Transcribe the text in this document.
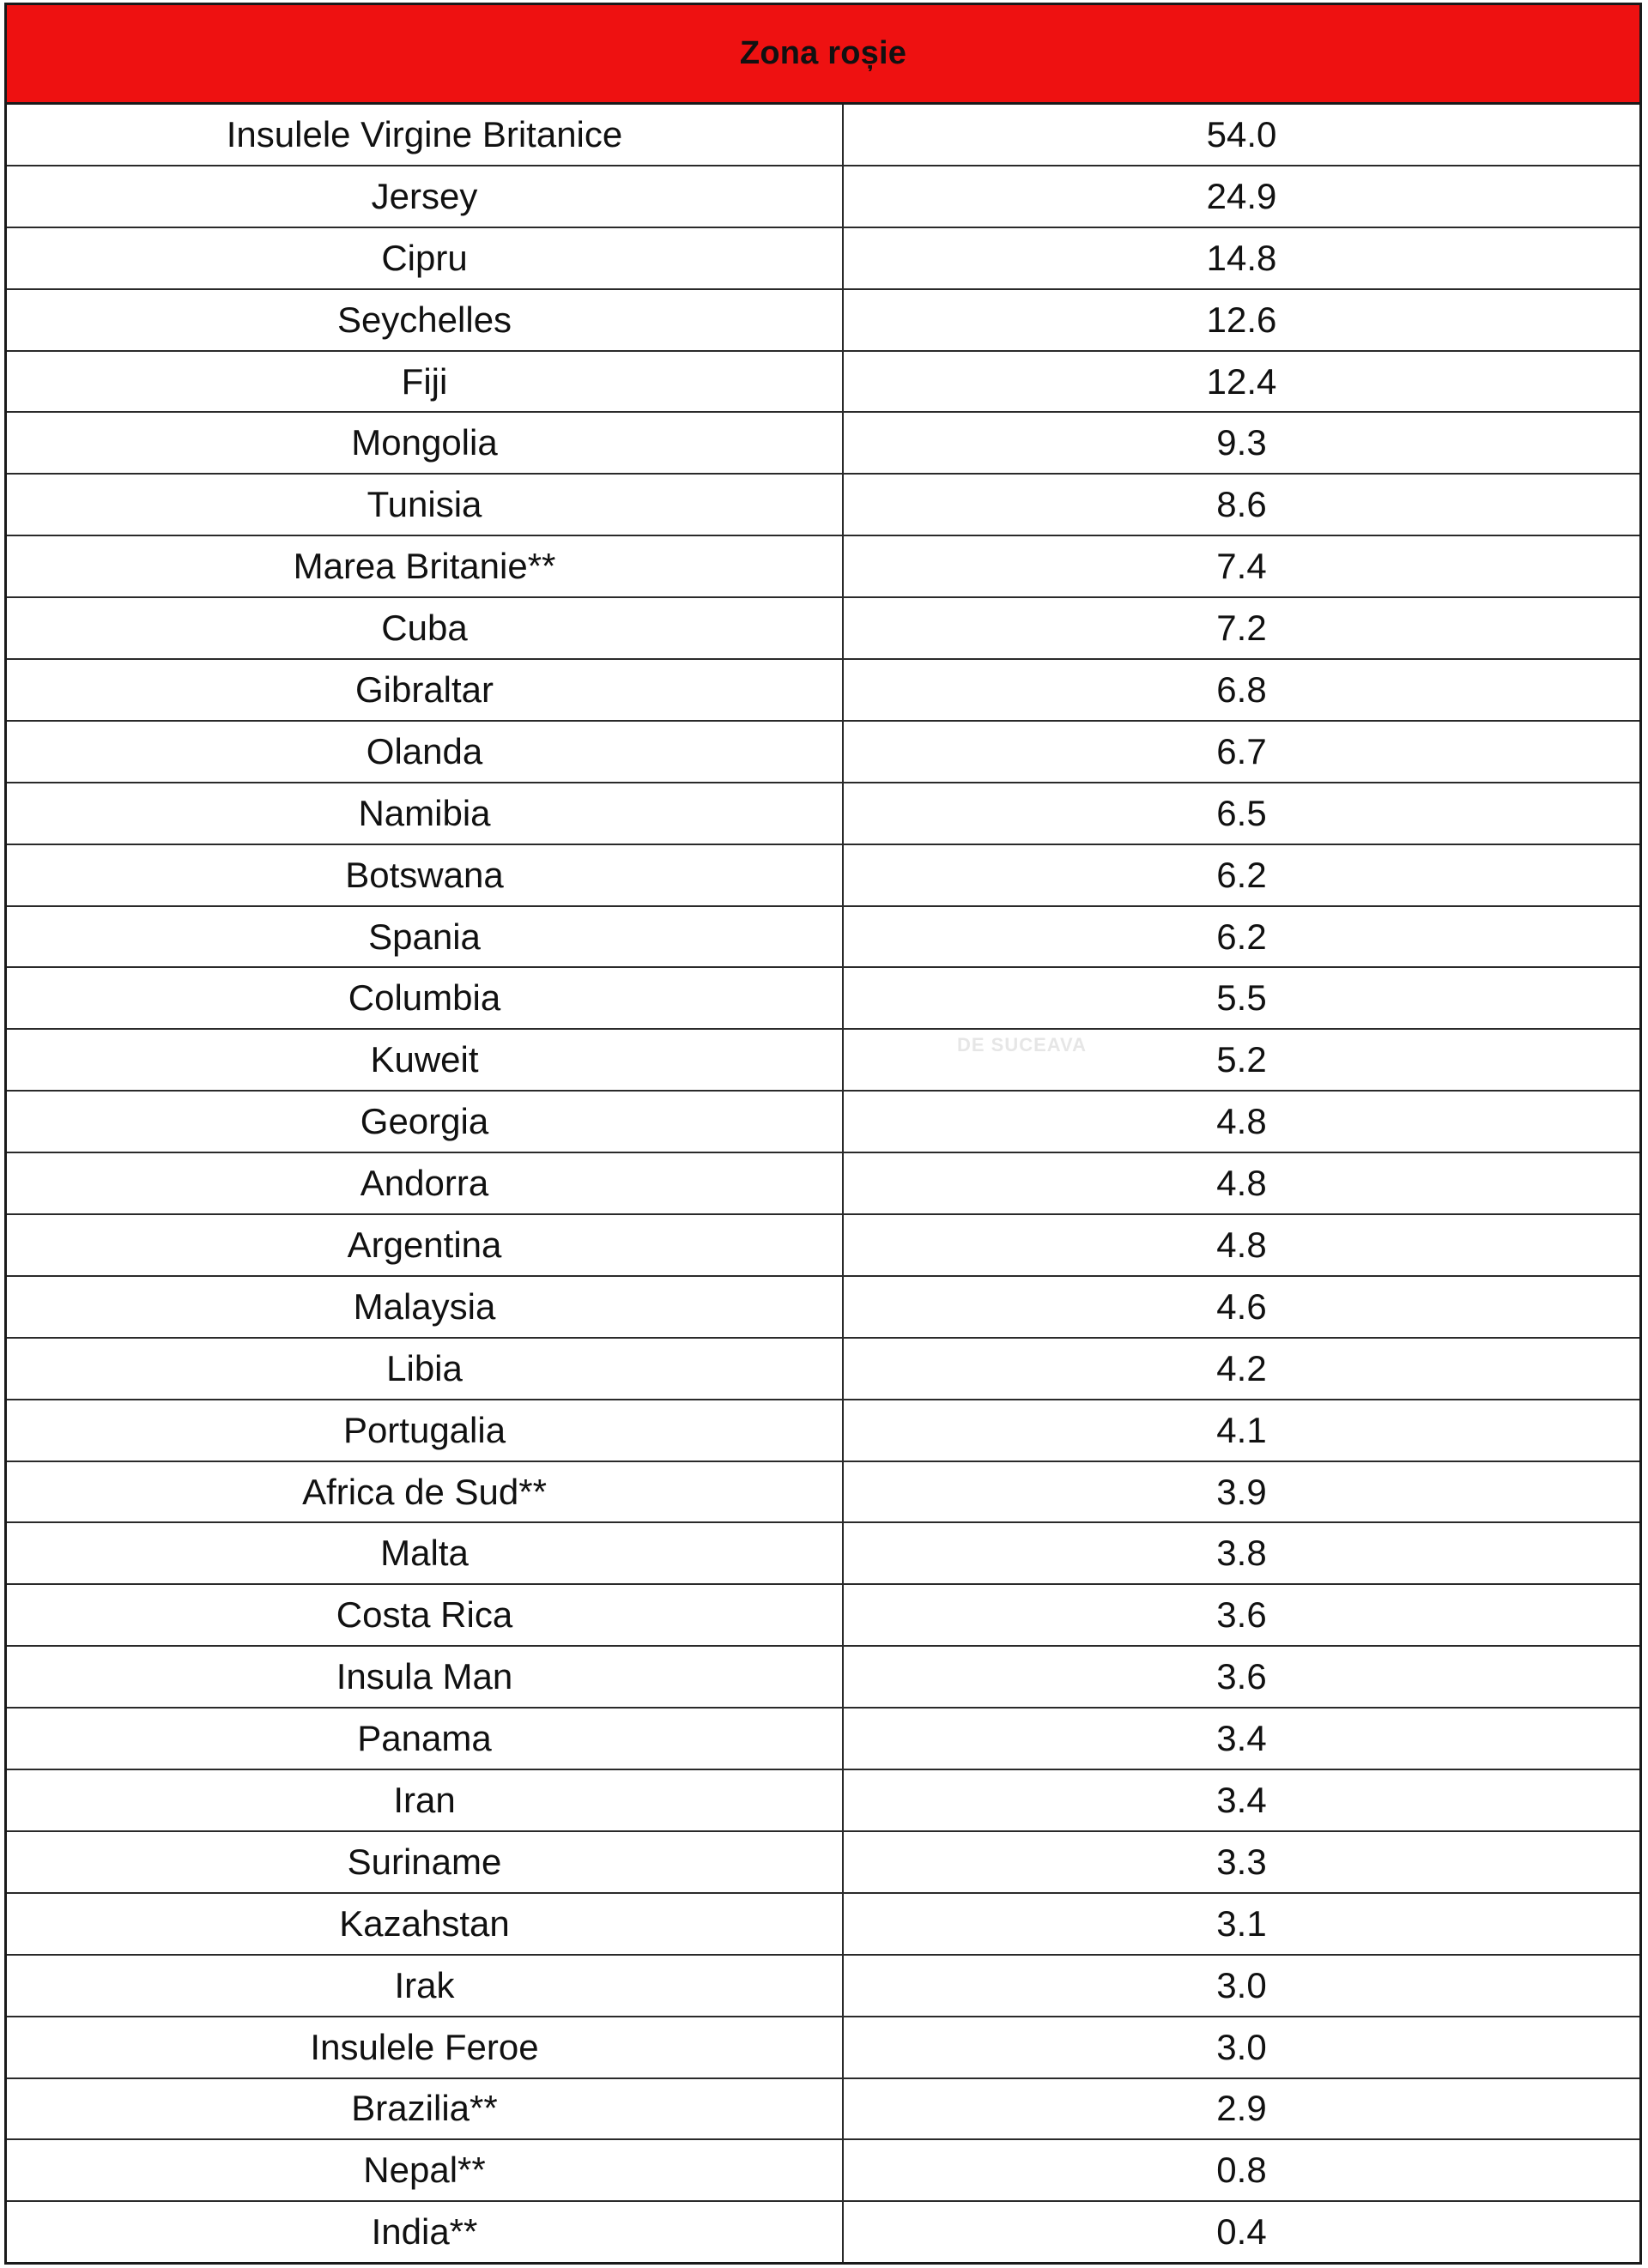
Zona roșie
Insulele Virgine Britanice	54.0
Jersey	24.9
Cipru	14.8
Seychelles	12.6
Fiji	12.4
Mongolia	9.3
Tunisia	8.6
Marea Britanie**	7.4
Cuba	7.2
Gibraltar	6.8
Olanda	6.7
Namibia	6.5
Botswana	6.2
Spania	6.2
Columbia	5.5
Kuweit	5.2
Georgia	4.8
Andorra	4.8
Argentina	4.8
Malaysia	4.6
Libia	4.2
Portugalia	4.1
Africa de Sud**	3.9
Malta	3.8
Costa Rica	3.6
Insula Man	3.6
Panama	3.4
Iran	3.4
Suriname	3.3
Kazahstan	3.1
Irak	3.0
Insulele Feroe	3.0
Brazilia**	2.9
Nepal**	0.8
India**	0.4
DE SUCEAVA
